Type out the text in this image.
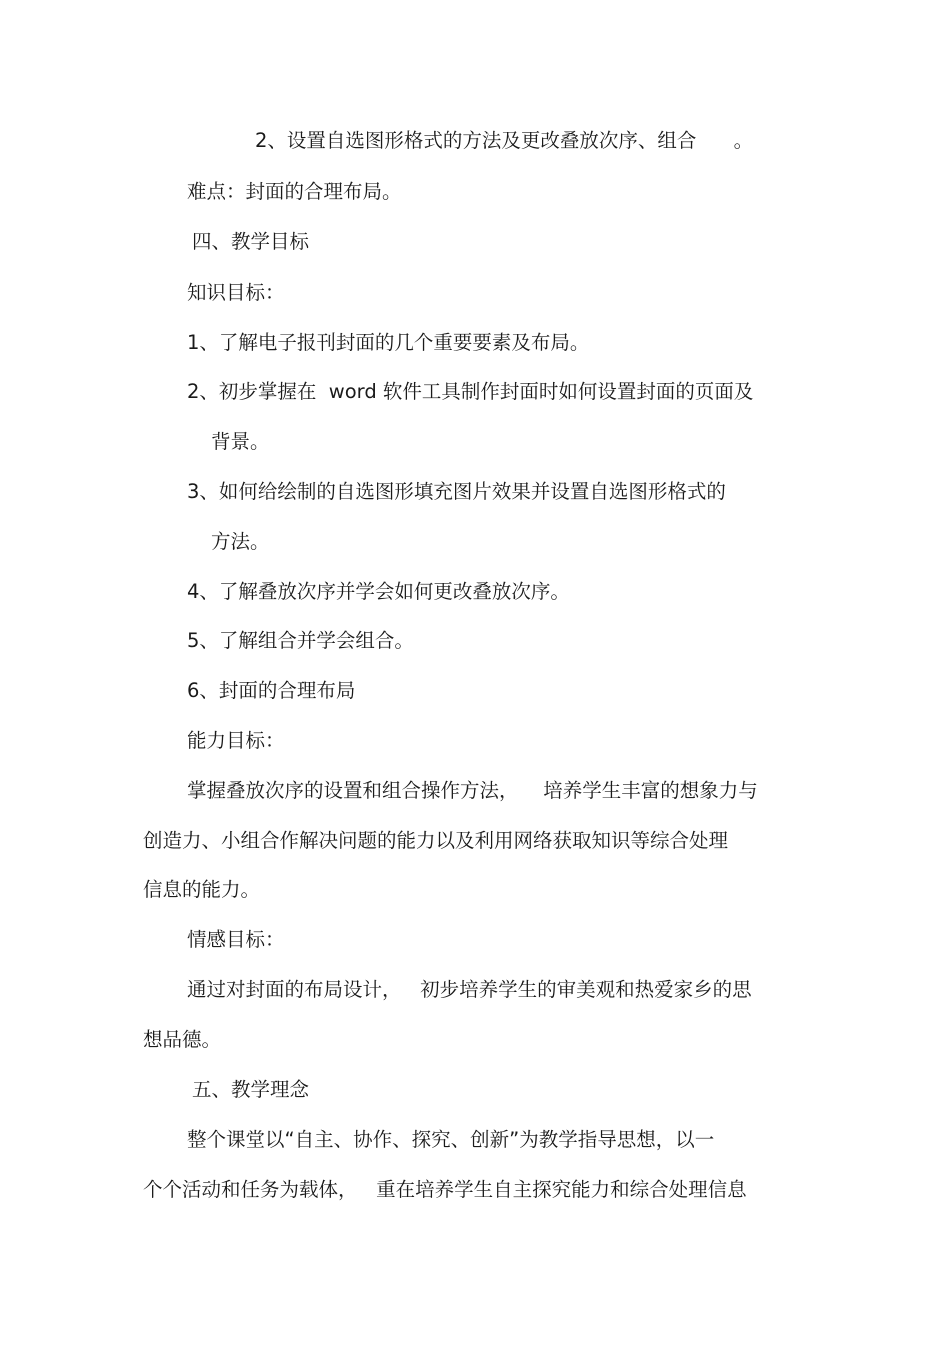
2、设置自选图形格式的方法及更改叠放次序、组合      。

难点：封面的合理布局。

四、教学目标

知识目标：

1、了解电子报刊封面的几个重要要素及布局。

2、初步掌握在  word 软件工具制作封面时如何设置封面的页面及

背景。

3、如何给绘制的自选图形填充图片效果并设置自选图形格式的

方法。

4、了解叠放次序并学会如何更改叠放次序。

5、了解组合并学会组合。

6、封面的合理布局

能力目标：

掌握叠放次序的设置和组合操作方法，    培养学生丰富的想象力与

创造力、小组合作解决问题的能力以及利用网络获取知识等综合处理

信息的能力。

情感目标：

通过对封面的布局设计，   初步培养学生的审美观和热爱家乡的思

想品德。

五、教学理念

整个课堂以“自主、协作、探究、创新”为教学指导思想，以一

个个活动和任务为载体，   重在培养学生自主探究能力和综合处理信息
